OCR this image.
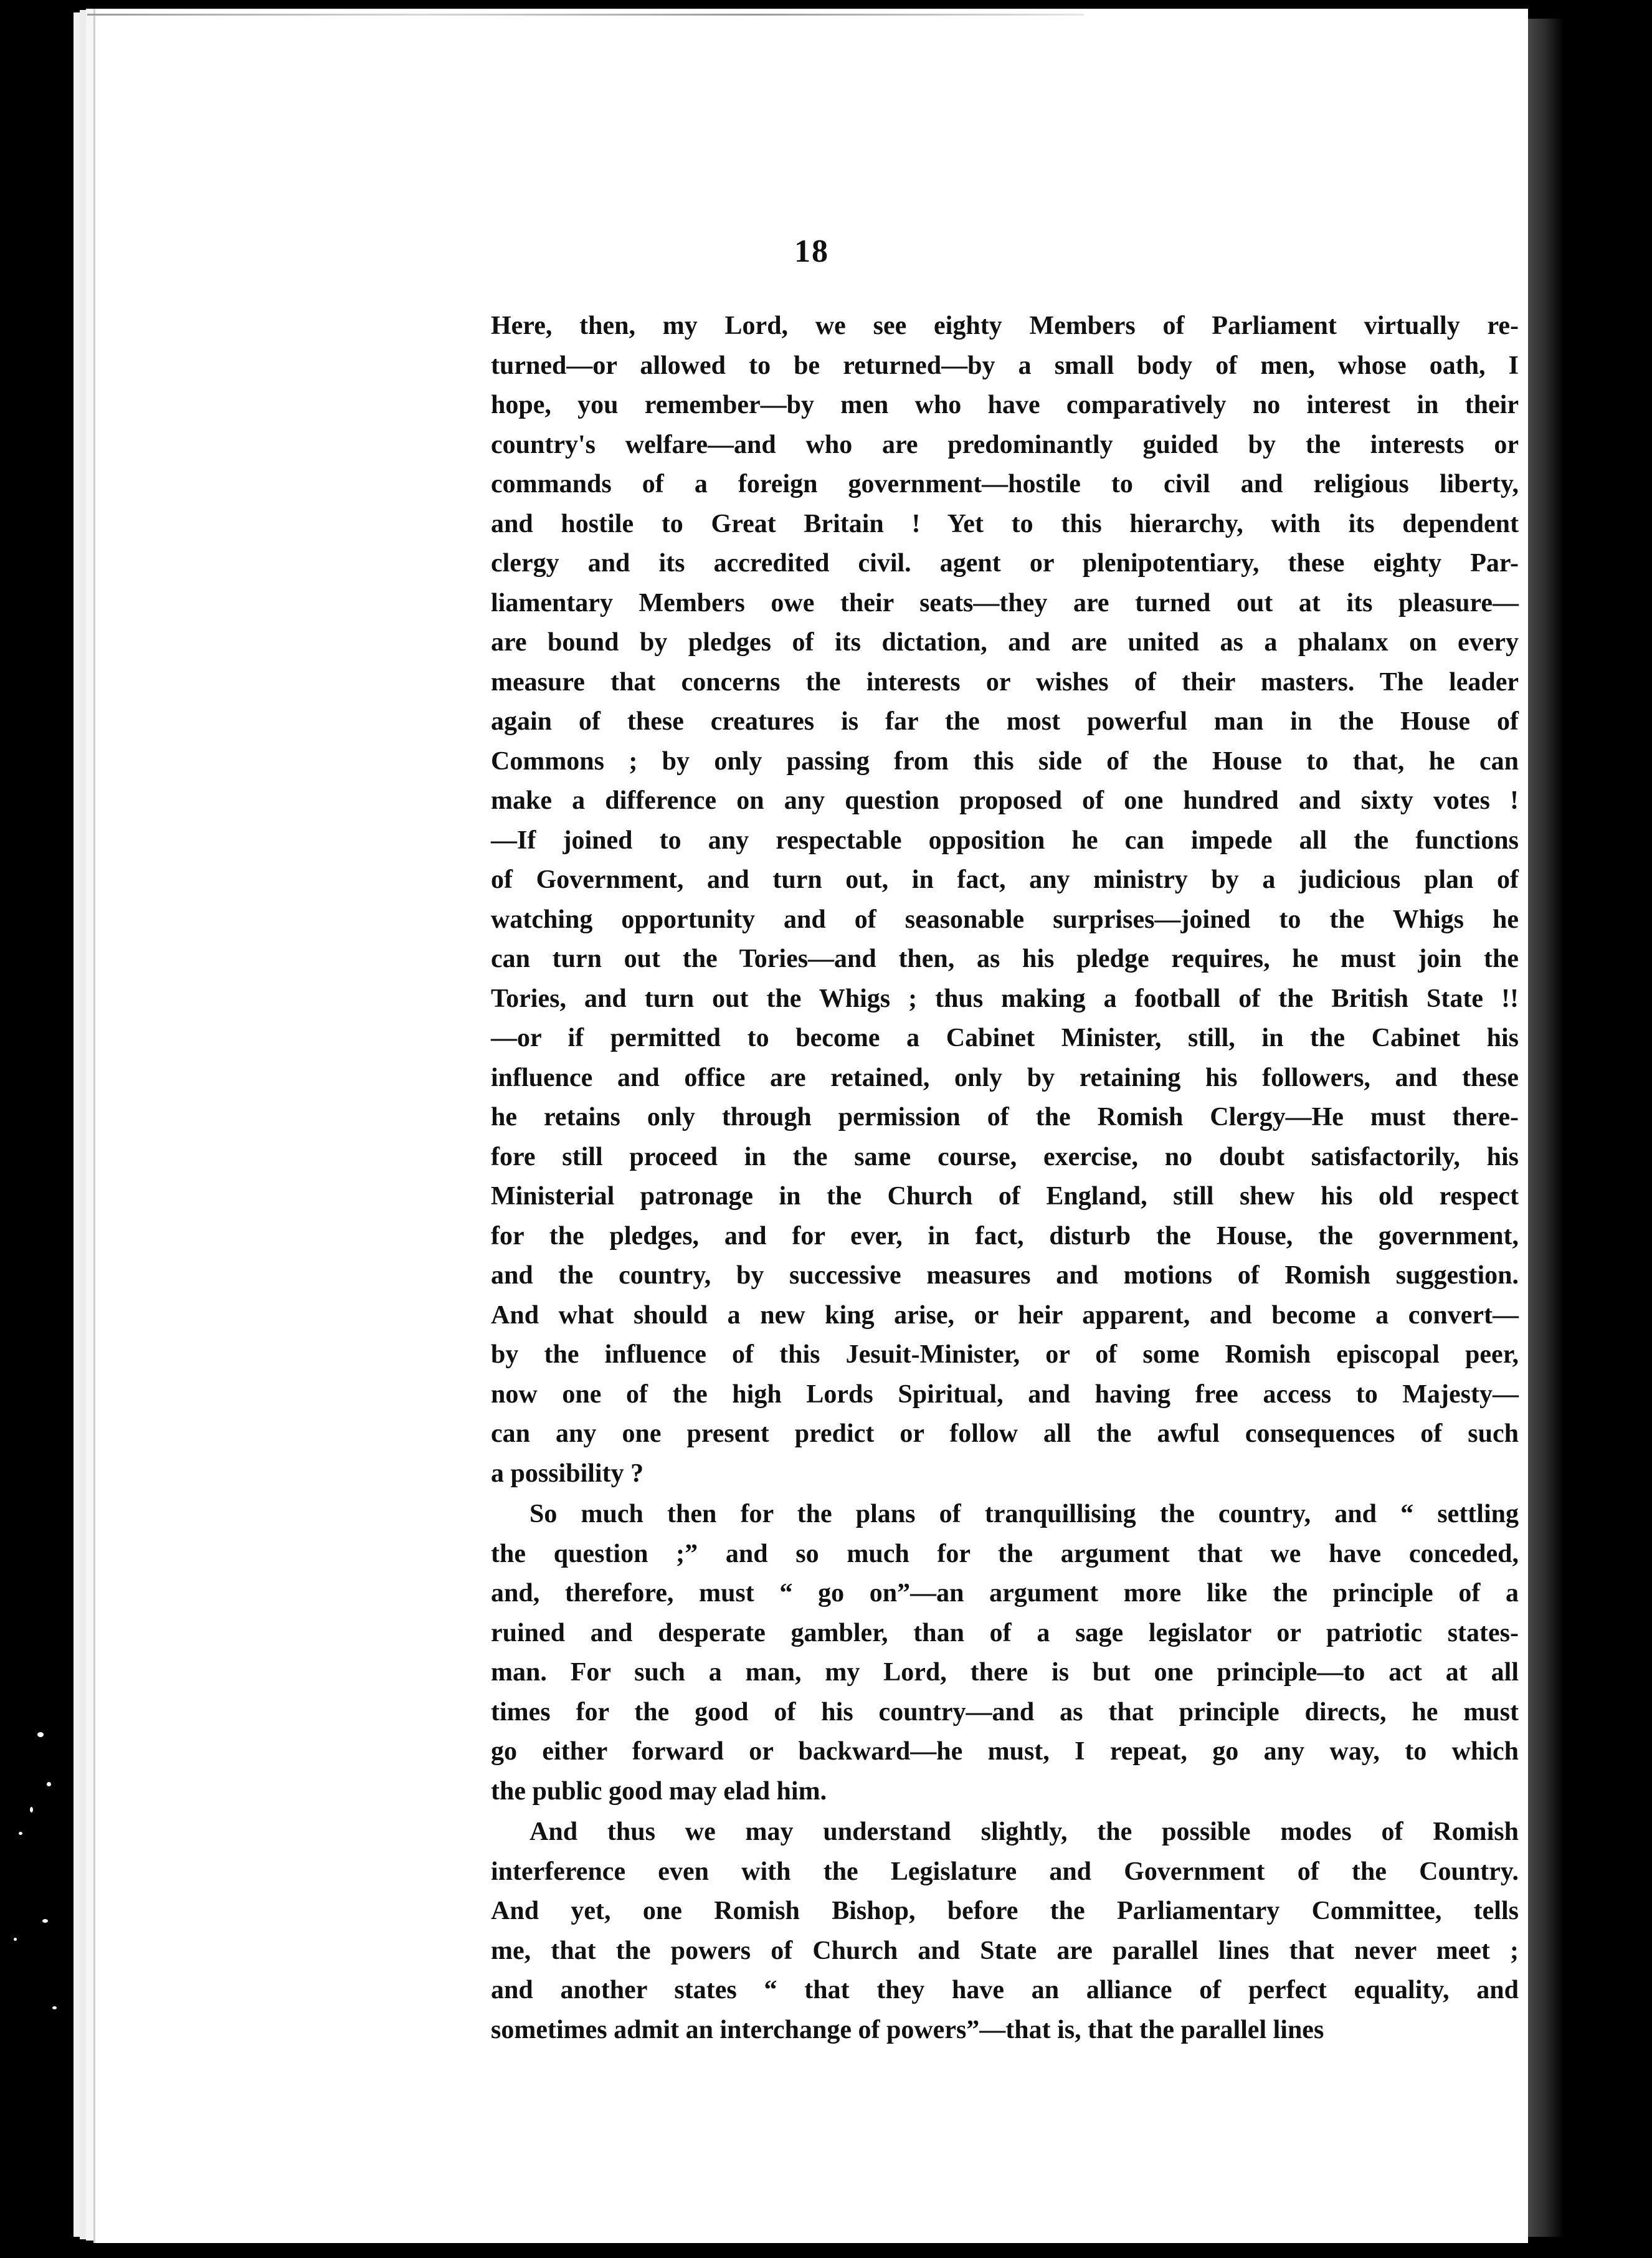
18
Here, then, my Lord, we see eighty Members of Parliament virtually re-
turned—or allowed to be returned—by a small body of men, whose oath, I
hope, you remember—by men who have comparatively no interest in their
country's welfare—and who are predominantly guided by the interests or
commands of a foreign government—hostile to civil and religious liberty,
and hostile to Great Britain ! Yet to this hierarchy, with its dependent
clergy and its accredited civil. agent or plenipotentiary, these eighty Par-
liamentary Members owe their seats—they are turned out at its pleasure—
are bound by pledges of its dictation, and are united as a phalanx on every
measure that concerns the interests or wishes of their masters. The leader
again of these creatures is far the most powerful man in the House of
Commons ; by only passing from this side of the House to that, he can
make a difference on any question proposed of one hundred and sixty votes !
—If joined to any respectable opposition he can impede all the functions
of Government, and turn out, in fact, any ministry by a judicious plan of
watching opportunity and of seasonable surprises—joined to the Whigs he
can turn out the Tories—and then, as his pledge requires, he must join the
Tories, and turn out the Whigs ; thus making a football of the British State !!
—or if permitted to become a Cabinet Minister, still, in the Cabinet his
influence and office are retained, only by retaining his followers, and these
he retains only through permission of the Romish Clergy—He must there-
fore still proceed in the same course, exercise, no doubt satisfactorily, his
Ministerial patronage in the Church of England, still shew his old respect
for the pledges, and for ever, in fact, disturb the House, the government,
and the country, by successive measures and motions of Romish suggestion.
And what should a new king arise, or heir apparent, and become a convert—
by the influence of this Jesuit-Minister, or of some Romish episcopal peer,
now one of the high Lords Spiritual, and having free access to Majesty—
can any one present predict or follow all the awful consequences of such
a possibility ?
So much then for the plans of tranquillising the country, and “ settling
the question ;” and so much for the argument that we have conceded,
and, therefore, must “ go on”—an argument more like the principle of a
ruined and desperate gambler, than of a sage legislator or patriotic states-
man. For such a man, my Lord, there is but one principle—to act at all
times for the good of his country—and as that principle directs, he must
go either forward or backward—he must, I repeat, go any way, to which
the public good may elad him.
And thus we may understand slightly, the possible modes of Romish
interference even with the Legislature and Government of the Country.
And yet, one Romish Bishop, before the Parliamentary Committee, tells
me, that the powers of Church and State are parallel lines that never meet ;
and another states “ that they have an alliance of perfect equality, and
sometimes admit an interchange of powers”—that is, that the parallel lines
